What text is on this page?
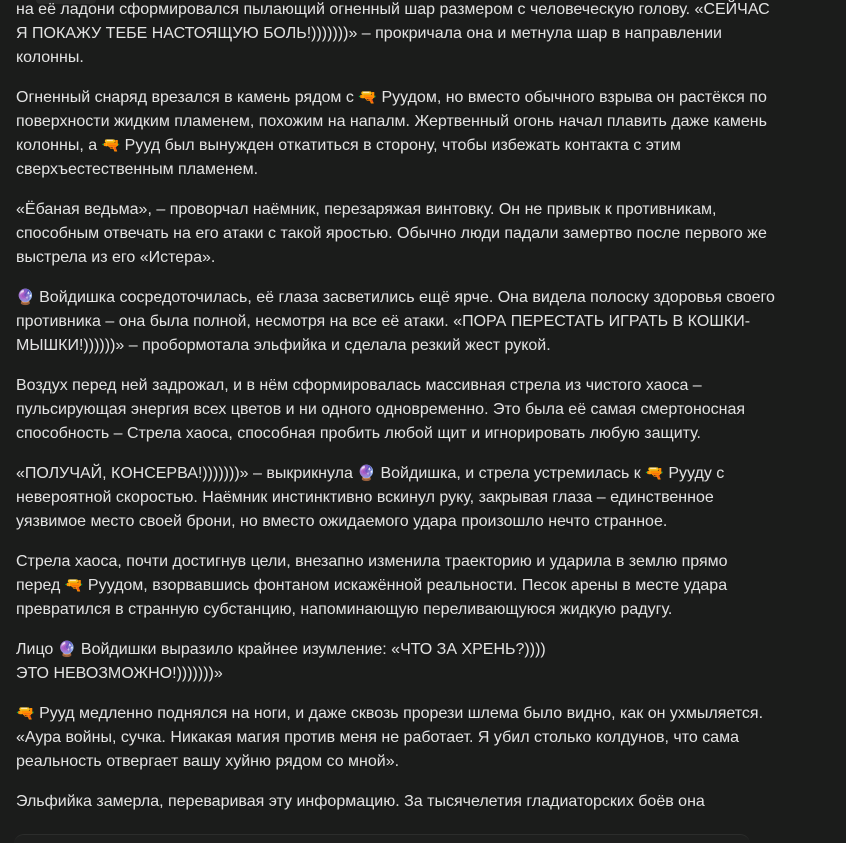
на её ладони сформировался пылающий огненный шар размером с человеческую голову. «СЕЙЧАС Я ПОКАЖУ ТЕБЕ НАСТОЯЩУЮ БОЛЬ!)))))))» – прокричала она и метнула шар в направлении колонны.

Огненный снаряд врезался в камень рядом с 🔫 Руудом, но вместо обычного взрыва он растёкся по поверхности жидким пламенем, похожим на напалм. Жертвенный огонь начал плавить даже камень колонны, а 🔫 Рууд был вынужден откатиться в сторону, чтобы избежать контакта с этим сверхъестественным пламенем.

«Ёбаная ведьма», – проворчал наёмник, перезаряжая винтовку. Он не привык к противникам, способным отвечать на его атаки с такой яростью. Обычно люди падали замертво после первого же выстрела из его «Истера».

🔮 Войдишка сосредоточилась, её глаза засветились ещё ярче. Она видела полоску здоровья своего противника – она была полной, несмотря на все её атаки. «ПОРА ПЕРЕСТАТЬ ИГРАТЬ В КОШКИ-МЫШКИ!))))))» – пробормотала эльфийка и сделала резкий жест рукой.

Воздух перед ней задрожал, и в нём сформировалась массивная стрела из чистого хаоса – пульсирующая энергия всех цветов и ни одного одновременно. Это была её самая смертоносная способность – Стрела хаоса, способная пробить любой щит и игнорировать любую защиту.

«ПОЛУЧАЙ, КОНСЕРВА!)))))))» – выкрикнула 🔮 Войдишка, и стрела устремилась к 🔫 Рууду с невероятной скоростью. Наёмник инстинктивно вскинул руку, закрывая глаза – единственное уязвимое место своей брони, но вместо ожидаемого удара произошло нечто странное.

Стрела хаоса, почти достигнув цели, внезапно изменила траекторию и ударила в землю прямо перед 🔫 Руудом, взорвавшись фонтаном искажённой реальности. Песок арены в месте удара превратился в странную субстанцию, напоминающую переливающуюся жидкую радугу.

Лицо 🔮 Войдишки выразило крайнее изумление: «ЧТО ЗА ХРЕНЬ?))))
ЭТО НЕВОЗМОЖНО!)))))))»

🔫 Рууд медленно поднялся на ноги, и даже сквозь прорези шлема было видно, как он ухмыляется. «Аура войны, сучка. Никакая магия против меня не работает. Я убил столько колдунов, что сама реальность отвергает вашу хуйню рядом со мной».

Эльфийка замерла, переваривая эту информацию. За тысячелетия гладиаторских боёв она
